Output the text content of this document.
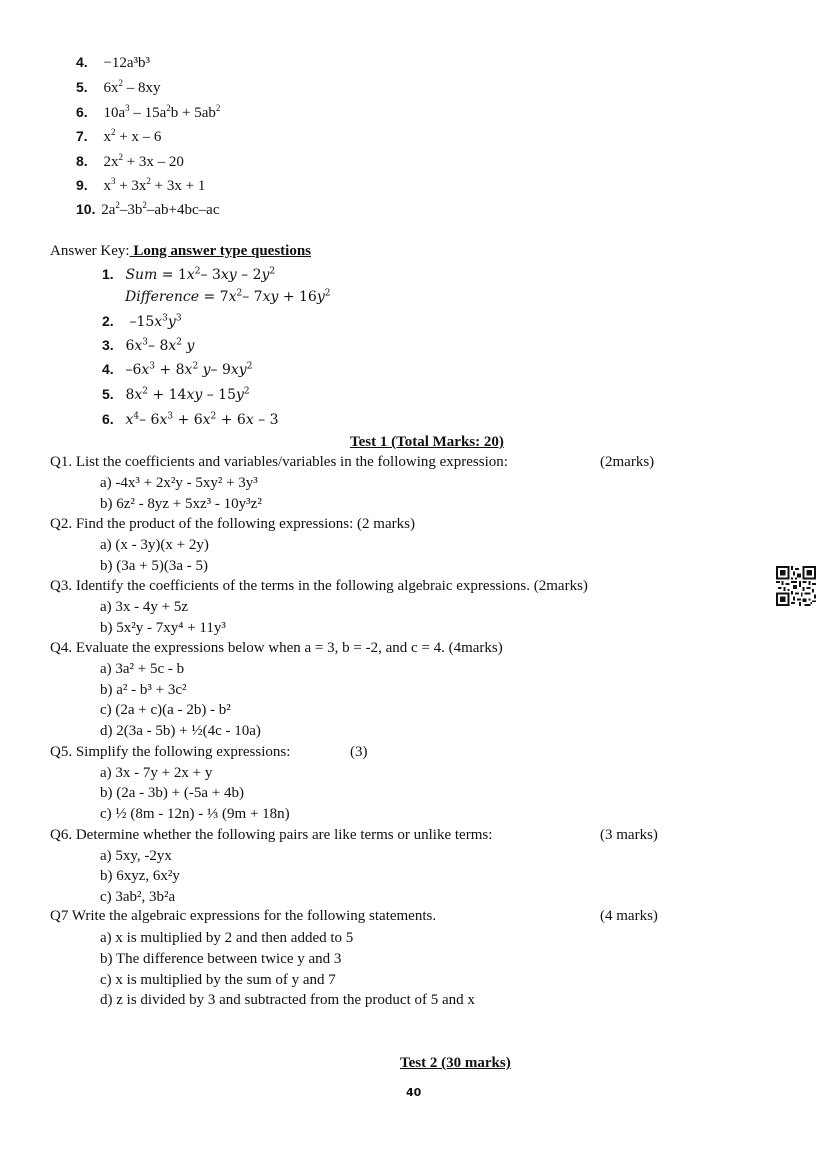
4. −12a³b³
5. $6x^2 - 8xy$
6. $10a^3 - 15a^2b + 5ab^2$
7. $x^2 + x - 6$
8. $2x^2 + 3x - 20$
9. $x^3 + 3x^2 + 3x + 1$
10. $2a^2-3b^2-ab+4bc-ac$
Answer Key: Long answer type questions
1. Sum = $1x^2-$ $3xy - 2y^2$
Difference = $7x^2-$ $7xy + 16y^2$
2. $-15x^3y^3$
3. $6x^3-$ $8x^2$ y
4. $-6x^3 + 8x^2$ y– $9xy^2$
5. $8x^2 + 14xy - 15y^2$
6. $x^4-$ $6x^3 + 6x^2 + 6x - 3$
Test 1 (Total Marks: 20)
Q1. List the coefficients and variables/variables in the following expression:	(2marks)
a) -4x³ + 2x²y - 5xy² + 3y³
b) 6z² - 8yz + 5xz³ - 10y³z²
Q2. Find the product of the following expressions: (2 marks)
a) (x - 3y)(x + 2y)
b) (3a + 5)(3a - 5)
Q3. Identify the coefficients of the terms in the following algebraic expressions. (2marks)
a) 3x - 4y + 5z
b) 5x²y - 7xy⁴ + 11y³
Q4. Evaluate the expressions below when a = 3, b = -2, and c = 4. (4marks)
a) 3a² + 5c - b
b) a² - b³ + 3c²
c) (2a + c)(a - 2b) - b²
d) 2(3a - 5b) + ½(4c - 10a)
Q5. Simplify the following expressions:	(3)
a) 3x - 7y + 2x + y
b) (2a - 3b) + (-5a + 4b)
c) ½ (8m - 12n) - ⅓ (9m + 18n)
Q6. Determine whether the following pairs are like terms or unlike terms:	(3 marks)
a) 5xy, -2yx
b) 6xyz, 6x²y
c) 3ab², 3b²a
Q7 Write the algebraic expressions for the following statements.	(4 marks)
a) x is multiplied by 2 and then added to 5
b) The difference between twice y and 3
c) x is multiplied by the sum of y and 7
d) z is divided by 3 and subtracted from the product of 5 and x
Test 2 (30 marks)
40
